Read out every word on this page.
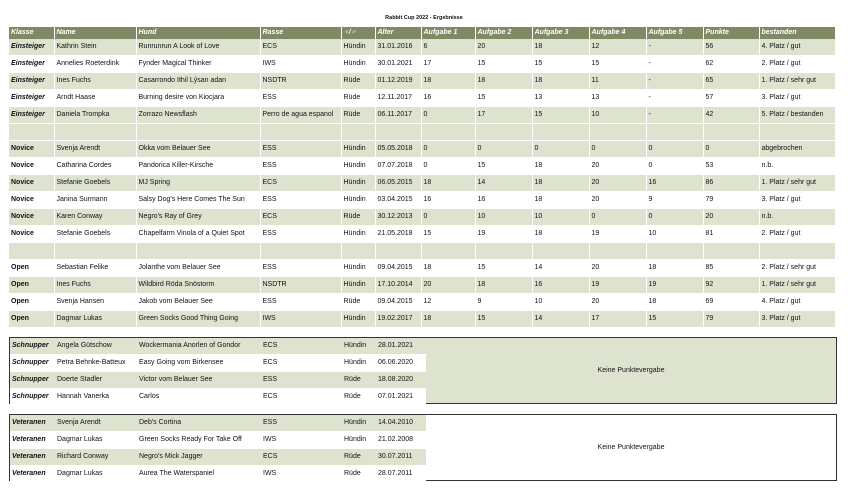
Rabbit Cup 2022 - Ergebnisse
Klasse	Name	Hund	Rasse	♀/♂	Alter	Aufgabe 1	Aufgabe 2	Aufgabe 3	Aufgabe 4	Aufgabe 5	Punkte	bestanden
Einsteiger	Kathrin Stein	Runrunrun A Look of Love	ECS	Hündin	31.01.2016	6	20	18	12	-	56	4. Platz / gut
Einsteiger	Annelies Roeterdink	Fynder Magical Thinker	IWS	Hündin	30.01.2021	17	15	15	15	-	62	2. Platz / gut
Einsteiger	Ines Fuchs	Casarrondo Ithil Lýsan adan	NSDTR	Rüde	01.12.2019	18	18	18	11	-	65	1. Platz / sehr gut
Einsteiger	Arndt Haase	Burning desire von Kiocjara	ESS	Rüde	12.11.2017	16	15	13	13	-	57	3. Platz / gut
Einsteiger	Daniela Trompka	Zorrazo Newsflash	Perro de agua espanol	Rüde	06.11.2017	0	17	15	10	-	42	5. Platz / bestanden

Novice	Svenja Arendt	Okka vom Belauer See	ESS	Hündin	05.05.2018	0	0	0	0	0	0	abgebrochen
Novice	Catharina Cordes	Pandorica Killer-Kirsche	ESS	Hündin	07.07.2018	0	15	18	20	0	53	n.b.
Novice	Stefanie Goebels	MJ Spring	ECS	Hündin	06.05.2015	18	14	18	20	16	86	1. Platz / sehr gut
Novice	Janina Surmann	Salsy Dog's Here Comes The Sun	ESS	Hündin	03.04.2015	16	16	18	20	9	79	3. Platz / gut
Novice	Karen Conway	Negro's Ray of Grey	ECS	Rüde	30.12.2013	0	10	10	0	0	20	n.b.
Novice	Stefanie Goebels	Chapelfarm Vinola of a Quiet Spot	ESS	Hündin	21.05.2018	15	19	18	19	10	81	2. Platz / gut

Open	Sebastian Felike	Jolanthe vom Belauer See	ESS	Hündin	09.04.2015	18	15	14	20	18	85	2. Platz / sehr gut
Open	Ines Fuchs	Wildbird Röda Snöstorm	NSDTR	Hündin	17.10.2014	20	18	16	19	19	92	1. Platz / sehr gut
Open	Svenja Hansen	Jakob vom Belauer See	ESS	Rüde	09.04.2015	12	9	10	20	18	69	4. Platz / gut
Open	Dagmar Lukas	Green Socks Good Thing Going	IWS	Hündin	19.02.2017	18	15	14	17	15	79	3. Platz / gut
Schnupper	Angela Gütschow	Wockermania Anorlen of Gondor	ECS	Hündin	28.01.2021
Schnupper	Petra Behnke-Batteux	Easy Going vom Birkensee	ECS	Hündin	06.06.2020
Schnupper	Doerte Stadler	Victor vom Belauer See	ESS	Rüde	18.08.2020
Schnupper	Hannah Vanerka	Carlos	ECS	Rüde	07.01.2021
Keine Punktevergabe
Veteranen	Svenja Arendt	Deb's Cortina	ESS	Hündin	14.04.2010
Veteranen	Dagmar Lukas	Green Socks Ready For Take Off	IWS	Hündin	21.02.2008
Veteranen	Richard Conway	Negro's Mick Jagger	ECS	Rüde	30.07.2011
Veteranen	Dagmar Lukas	Aurea The Waterspaniel	IWS	Rüde	28.07.2011
Keine Punktevergabe
